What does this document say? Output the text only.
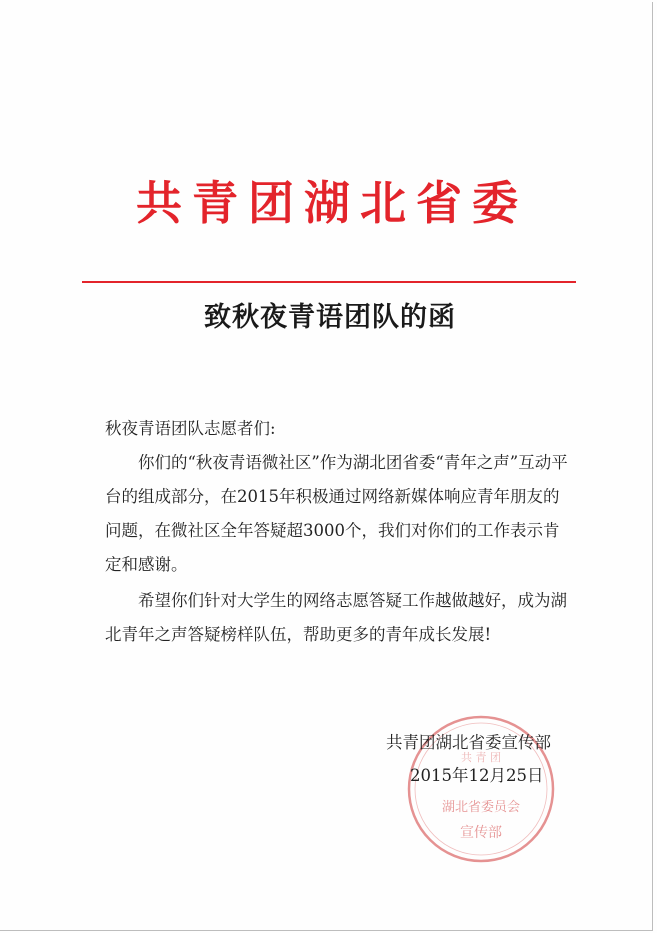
共青团湖北省委
致秋夜青语团队的函
秋夜青语团队志愿者们:
你们的“秋夜青语微社区”作为湖北团省委“青年之声”互动平台的组成部分，在2015年积极通过网络新媒体响应青年朋友的问题，在微社区全年答疑超3000个，我们对你们的工作表示肯定和感谢。
希望你们针对大学生的网络志愿答疑工作越做越好，成为湖北青年之声答疑榜样队伍，帮助更多的青年成长发展!
共 青 团
湖北省委员会
宣传部
共青团湖北省委宣传部
2015年12月25日
